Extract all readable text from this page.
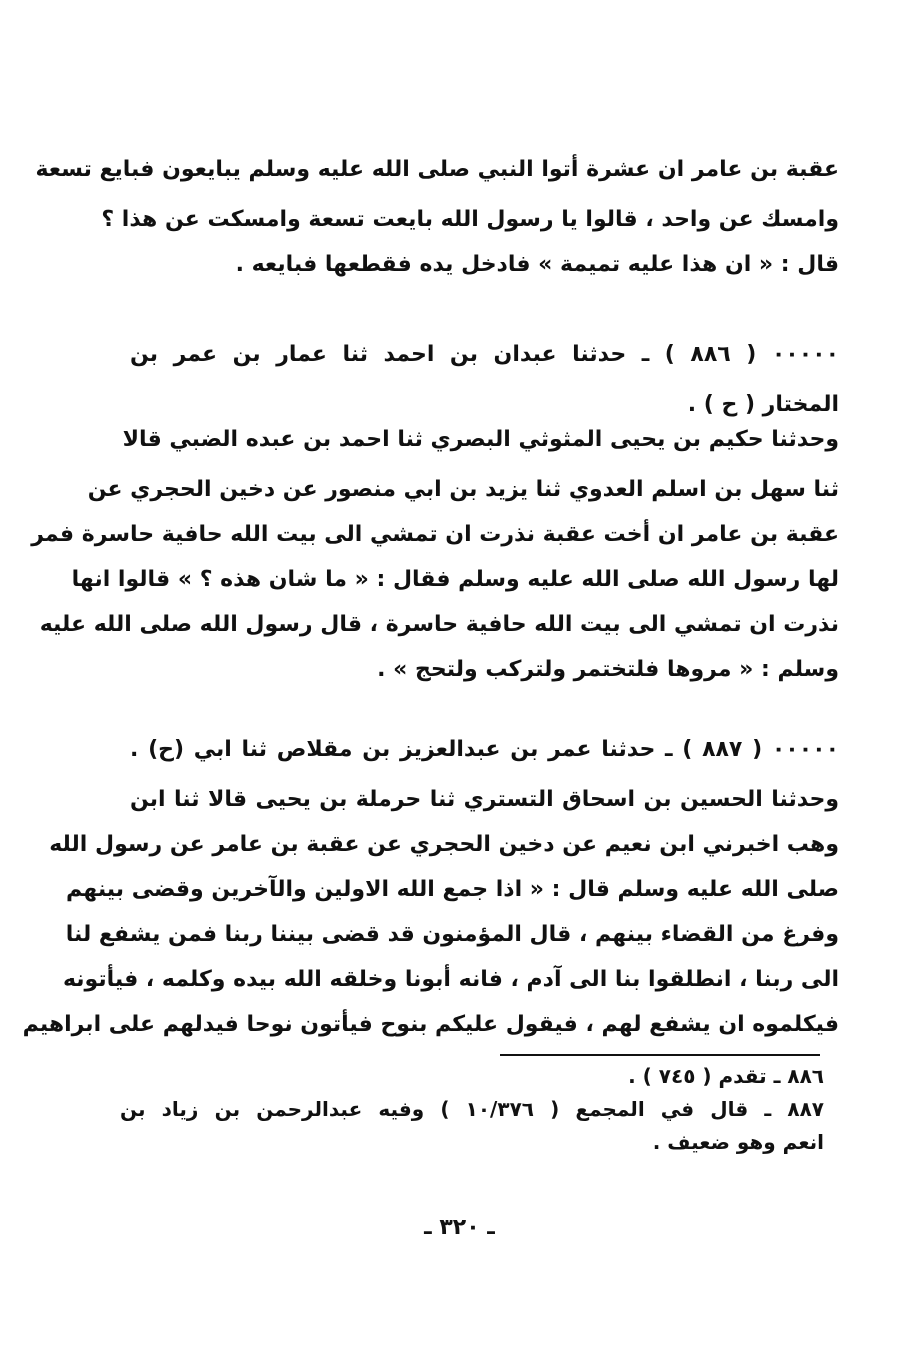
عقبة بن عامر ان عشرة أتوا النبي صلى الله عليه وسلم يبايعون فبايع تسعة
وامسك عن واحد ، قالوا يا رسول الله بايعت تسعة وامسكت عن هذا ؟
قال : « ان هذا عليه تميمة » فادخل يده فقطعها فبايعه .
٠٠٠٠٠ ( ٨٨٦ ) ـ حدثنا عبدان بن احمد ثنا عمار بن عمر بن
المختار ( ح ) .
وحدثنا حكيم بن يحيى المثوثي البصري ثنا احمد بن عبده الضبي قالا
ثنا سهل بن اسلم العدوي ثنا يزيد بن ابي منصور عن دخين الحجري عن
عقبة بن عامر ان أخت عقبة نذرت ان تمشي الى بيت الله حافية حاسرة فمر
لها رسول الله صلى الله عليه وسلم فقال : « ما شان هذه ؟ » قالوا انها
نذرت ان تمشي الى بيت الله حافية حاسرة ، قال رسول الله صلى الله عليه
وسلم : « مروها فلتختمر ولتركب ولتحج » .
٠٠٠٠٠ ( ٨٨٧ ) ـ حدثنا عمر بن عبدالعزيز بن مقلاص ثنا ابي (ح) .
وحدثنا الحسين بن اسحاق التستري ثنا حرملة بن يحيى قالا ثنا ابن
وهب اخبرني ابن نعيم عن دخين الحجري عن عقبة بن عامر عن رسول الله
صلى الله عليه وسلم قال : « اذا جمع الله الاولين والآخرين وقضى بينهم
وفرغ من القضاء بينهم ، قال المؤمنون قد قضى بيننا ربنا فمن يشفع لنا
الى ربنا ، انطلقوا بنا الى آدم ، فانه أبونا وخلقه الله بيده وكلمه ، فيأتونه
فيكلموه ان يشفع لهم ، فيقول عليكم بنوح فيأتون نوحا فيدلهم على ابراهيم
٨٨٦ ـ تقدم ( ٧٤٥ ) .
٨٨٧ ـ قال في المجمع ( ١٠/٣٧٦ ) وفيه عبدالرحمن بن زياد بن
انعم وهو ضعيف .
ـ ٣٢٠ ـ
